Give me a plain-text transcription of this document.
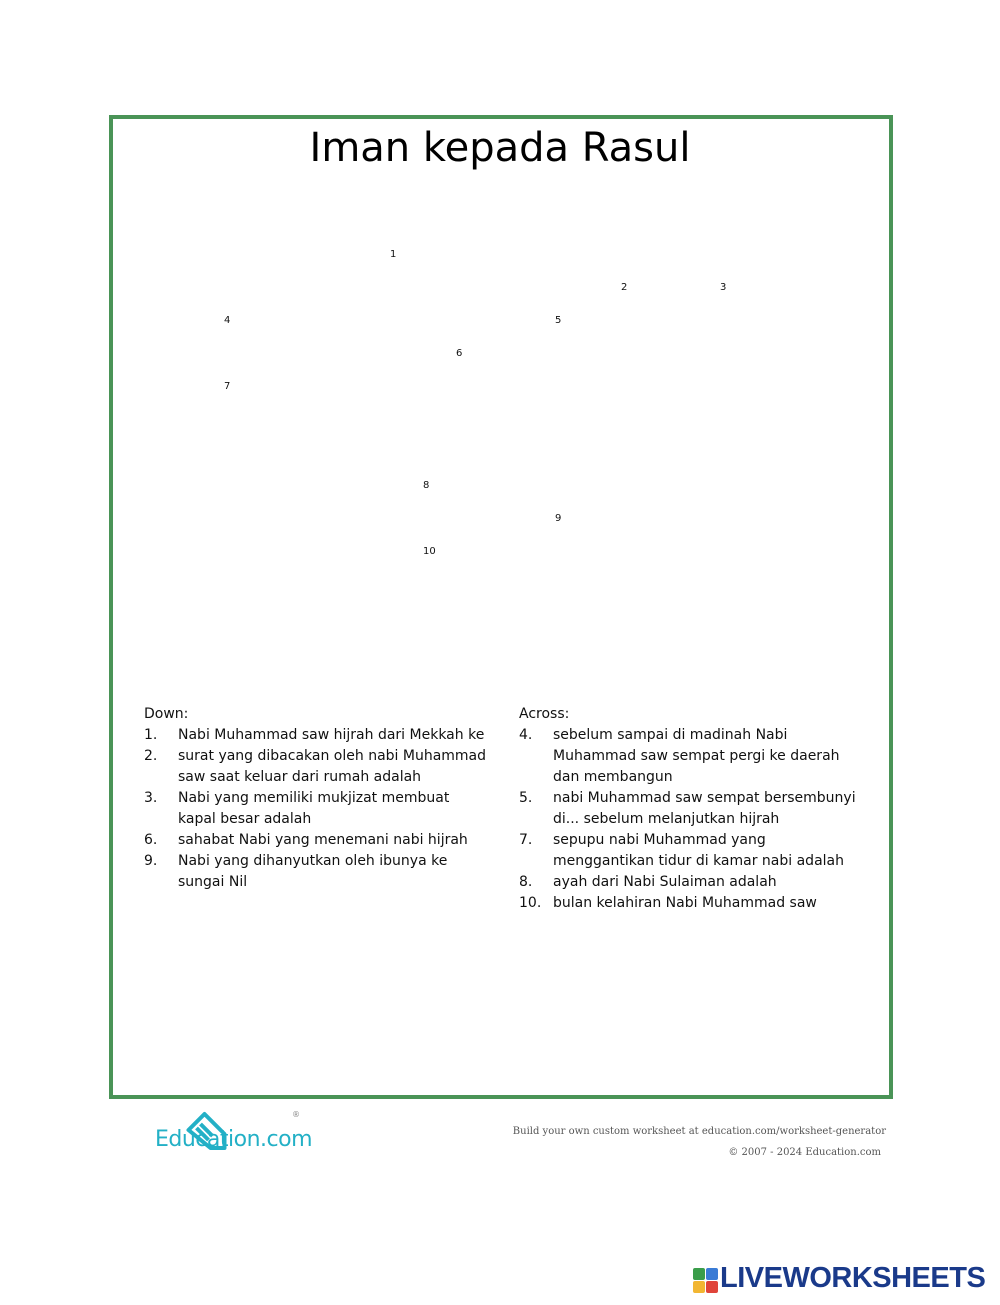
Iman kepada Rasul
1
2	3
4	5
6
7
8
9
10
Down:
1.	Nabi Muhammad saw hijrah dari Mekkah ke
2.	surat yang dibacakan oleh nabi Muhammad saw saat keluar dari rumah adalah
3.	Nabi yang memiliki mukjizat membuat kapal besar adalah
6.	sahabat Nabi yang menemani nabi hijrah
9.	Nabi yang dihanyutkan oleh ibunya ke sungai Nil
Across:
4.	sebelum sampai di madinah Nabi Muhammad saw sempat pergi ke daerah dan membangun
5.	nabi Muhammad saw sempat bersembunyi di... sebelum melanjutkan hijrah
7.	sepupu nabi Muhammad yang menggantikan tidur di kamar nabi adalah
8.	ayah dari Nabi Sulaiman adalah
10. bulan kelahiran Nabi Muhammad saw
Education.com
®
Build your own custom worksheet at education.com/worksheet-generator
© 2007 - 2024 Education.com
LIVEWORKSHEETS
